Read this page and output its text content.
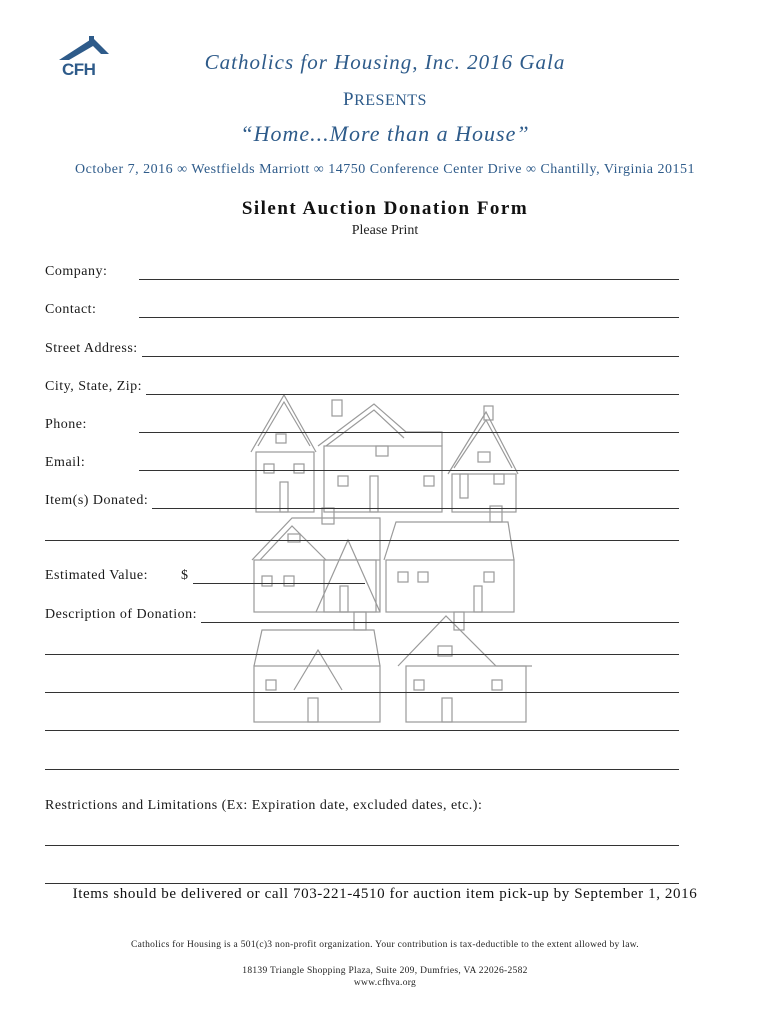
CFH	Catholics for Housing, Inc. 2016 Gala
PRESENTS
“Home...More than a House”
October 7, 2016 ∞ Westfields Marriott ∞ 14750 Conference Center Drive ∞ Chantilly, Virginia 20151
Silent Auction Donation Form
Please Print
Company:
Contact:
Street Address:
City, State, Zip:
Phone:
Email:
Item(s) Donated:
Estimated Value:	$
Description of Donation:
Restrictions and Limitations (Ex: Expiration date, excluded dates, etc.):
Items should be delivered or call 703-221-4510 for auction item pick-up by September 1, 2016
Catholics for Housing is a 501(c)3 non-profit organization. Your contribution is tax-deductible to the extent allowed by law.
18139 Triangle Shopping Plaza, Suite 209, Dumfries, VA 22026-2582
www.cfhva.org
